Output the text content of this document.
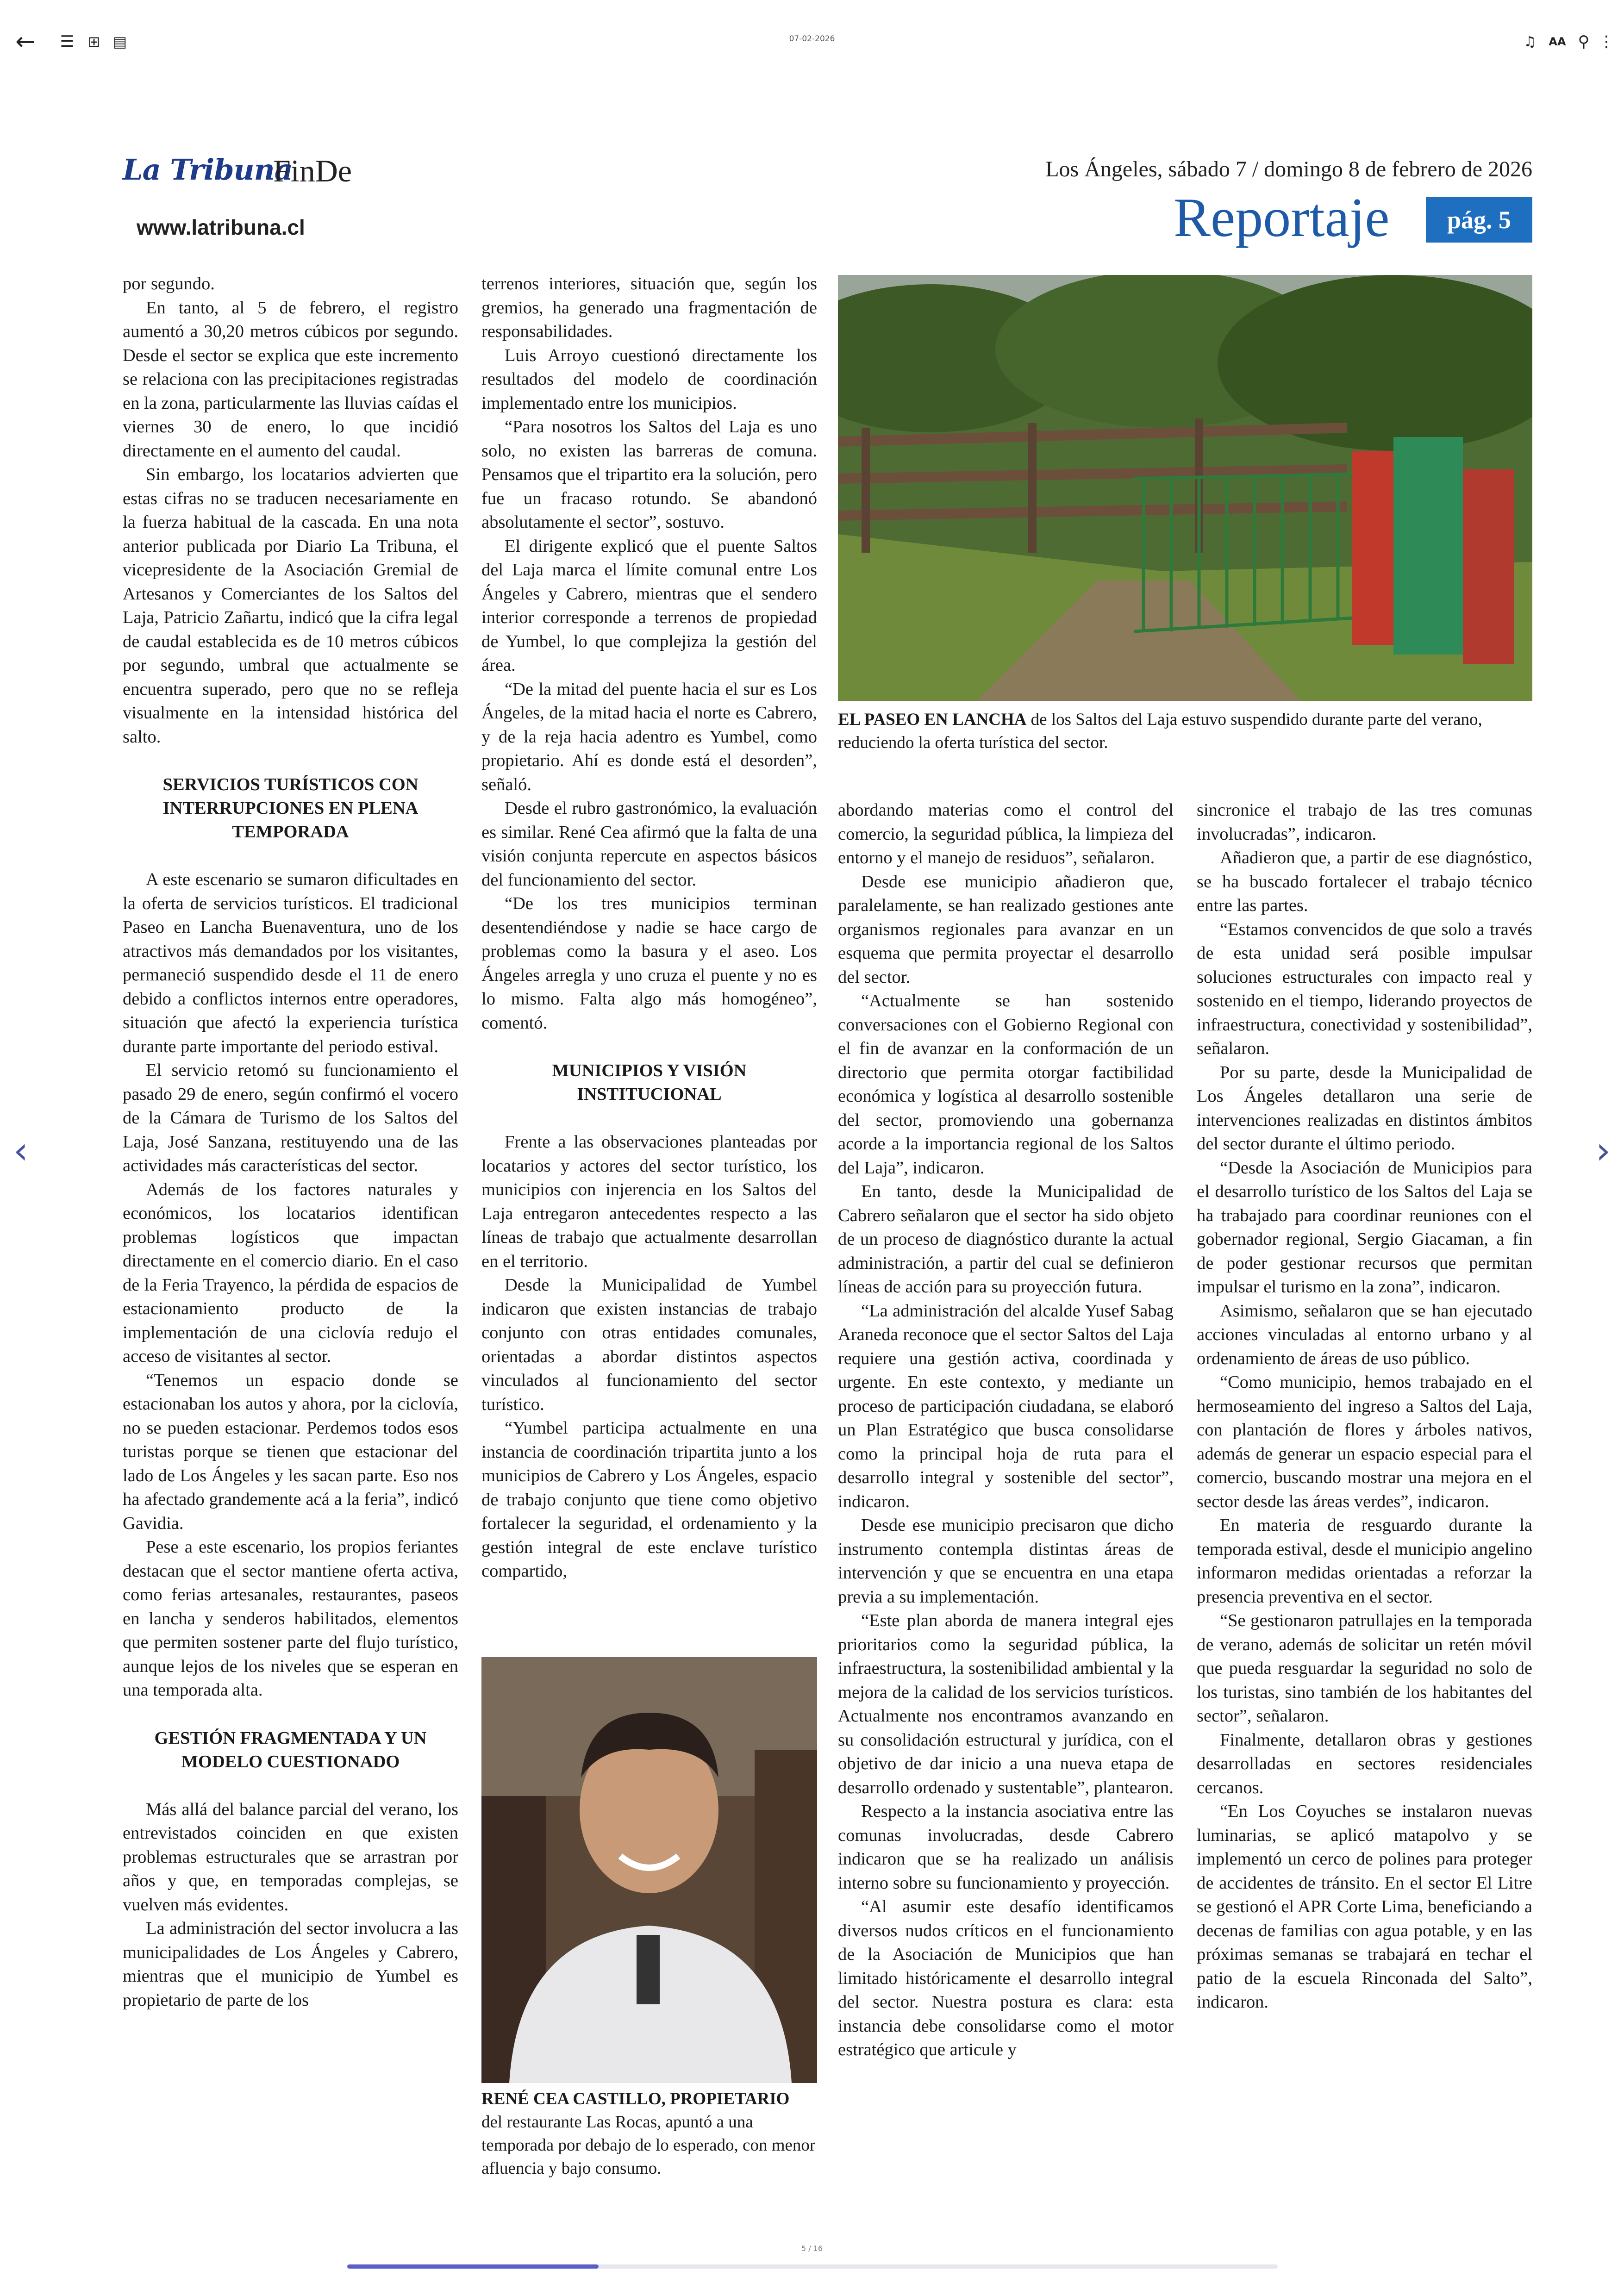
←	☰ ⊞ ▤	07-02-2026	♫	AA ⚲ ⋮
‹	›
La Tribuna
FinDe	Los Ángeles, sábado 7 / domingo 8 de febrero de 2026
www.latribuna.cl	Reportaje	pág. 5

por segundo.

En tanto, al 5 de febrero, el registro aumentó a 30,20 metros cúbicos por segundo. Desde el sector se explica que este incremento se relaciona con las precipitaciones registradas en la zona, particularmente las lluvias caídas el viernes 30 de enero, lo que incidió directamente en el aumento del caudal.

Sin embargo, los locatarios advierten que estas cifras no se traducen necesariamente en la fuerza habitual de la cascada. En una nota anterior publicada por Diario La Tribuna, el vicepresidente de la Asociación Gremial de Artesanos y Comerciantes de los Saltos del Laja, Patricio Zañartu, indicó que la cifra legal de caudal establecida es de 10 metros cúbicos por segundo, umbral que actualmente se encuentra superado, pero que no se refleja visualmente en la intensidad histórica del salto.

SERVICIOS TURÍSTICOS CON INTERRUPCIONES EN PLENA TEMPORADA

A este escenario se sumaron dificultades en la oferta de servicios turísticos. El tradicional Paseo en Lancha Buenaventura, uno de los atractivos más demandados por los visitantes, permaneció suspendido desde el 11 de enero debido a conflictos internos entre operadores, situación que afectó la experiencia turística durante parte importante del periodo estival.

El servicio retomó su funcionamiento el pasado 29 de enero, según confirmó el vocero de la Cámara de Turismo de los Saltos del Laja, José Sanzana, restituyendo una de las actividades más características del sector.

Además de los factores naturales y económicos, los locatarios identifican problemas logísticos que impactan directamente en el comercio diario. En el caso de la Feria Trayenco, la pérdida de espacios de estacionamiento producto de la implementación de una ciclovía redujo el acceso de visitantes al sector.

“Tenemos un espacio donde se estacionaban los autos y ahora, por la ciclovía, no se pueden estacionar. Perdemos todos esos turistas porque se tienen que estacionar del lado de Los Ángeles y les sacan parte. Eso nos ha afectado grandemente acá a la feria”, indicó Gavidia.

Pese a este escenario, los propios feriantes destacan que el sector mantiene oferta activa, como ferias artesanales, restaurantes, paseos en lancha y senderos habilitados, elementos que permiten sostener parte del flujo turístico, aunque lejos de los niveles que se esperan en una temporada alta.

GESTIÓN FRAGMENTADA Y UN MODELO CUESTIONADO

Más allá del balance parcial del verano, los entrevistados coinciden en que existen problemas estructurales que se arrastran por años y que, en temporadas complejas, se vuelven más evidentes.

La administración del sector involucra a las municipalidades de Los Ángeles y Cabrero, mientras que el municipio de Yumbel es propietario de parte de los

terrenos interiores, situación que, según los gremios, ha generado una fragmentación de responsabilidades.

Luis Arroyo cuestionó directamente los resultados del modelo de coordinación implementado entre los municipios.

“Para nosotros los Saltos del Laja es uno solo, no existen las barreras de comuna. Pensamos que el tripartito era la solución, pero fue un fracaso rotundo. Se abandonó absolutamente el sector”, sostuvo.

El dirigente explicó que el puente Saltos del Laja marca el límite comunal entre Los Ángeles y Cabrero, mientras que el sendero interior corresponde a terrenos de propiedad de Yumbel, lo que complejiza la gestión del área.

“De la mitad del puente hacia el sur es Los Ángeles, de la mitad hacia el norte es Cabrero, y de la reja hacia adentro es Yumbel, como propietario. Ahí es donde está el desorden”, señaló.

Desde el rubro gastronómico, la evaluación es similar. René Cea afirmó que la falta de una visión conjunta repercute en aspectos básicos del funcionamiento del sector.

“De los tres municipios terminan desentendiéndose y nadie se hace cargo de problemas como la basura y el aseo. Los Ángeles arregla y uno cruza el puente y no es lo mismo. Falta algo más homogéneo”, comentó.

MUNICIPIOS Y VISIÓN INSTITUCIONAL

Frente a las observaciones planteadas por locatarios y actores del sector turístico, los municipios con injerencia en los Saltos del Laja entregaron antecedentes respecto a las líneas de trabajo que actualmente desarrollan en el territorio.

Desde la Municipalidad de Yumbel indicaron que existen instancias de trabajo conjunto con otras entidades comunales, orientadas a abordar distintos aspectos vinculados al funcionamiento del sector turístico.

“Yumbel participa actualmente en una instancia de coordinación tripartita junto a los municipios de Cabrero y Los Ángeles, espacio de trabajo conjunto que tiene como objetivo fortalecer la seguridad, el ordenamiento y la gestión integral de este enclave turístico compartido,

EL PASEO EN LANCHA de los Saltos del Laja estuvo suspendido durante parte del verano, reduciendo la oferta turística del sector.

abordando materias como el control del comercio, la seguridad pública, la limpieza del entorno y el manejo de residuos”, señalaron.

Desde ese municipio añadieron que, paralelamente, se han realizado gestiones ante organismos regionales para avanzar en un esquema que permita proyectar el desarrollo del sector.

“Actualmente se han sostenido conversaciones con el Gobierno Regional con el fin de avanzar en la conformación de un directorio que permita otorgar factibilidad económica y logística al desarrollo sostenible del sector, promoviendo una gobernanza acorde a la importancia regional de los Saltos del Laja”, indicaron.

En tanto, desde la Municipalidad de Cabrero señalaron que el sector ha sido objeto de un proceso de diagnóstico durante la actual administración, a partir del cual se definieron líneas de acción para su proyección futura.

“La administración del alcalde Yusef Sabag Araneda reconoce que el sector Saltos del Laja requiere una gestión activa, coordinada y urgente. En este contexto, y mediante un proceso de participación ciudadana, se elaboró un Plan Estratégico que busca consolidarse como la principal hoja de ruta para el desarrollo integral y sostenible del sector”, indicaron.

Desde ese municipio precisaron que dicho instrumento contempla distintas áreas de intervención y que se encuentra en una etapa previa a su implementación.

“Este plan aborda de manera integral ejes prioritarios como la seguridad pública, la infraestructura, la sostenibilidad ambiental y la mejora de la calidad de los servicios turísticos. Actualmente nos encontramos avanzando en su consolidación estructural y jurídica, con el objetivo de dar inicio a una nueva etapa de desarrollo ordenado y sustentable”, plantearon.

Respecto a la instancia asociativa entre las comunas involucradas, desde Cabrero indicaron que se ha realizado un análisis interno sobre su funcionamiento y proyección.

“Al asumir este desafío identificamos diversos nudos críticos en el funcionamiento de la Asociación de Municipios que han limitado históricamente el desarrollo integral del sector. Nuestra postura es clara: esta instancia debe consolidarse como el motor estratégico que articule y

sincronice el trabajo de las tres comunas involucradas”, indicaron.

Añadieron que, a partir de ese diagnóstico, se ha buscado fortalecer el trabajo técnico entre las partes.

“Estamos convencidos de que solo a través de esta unidad será posible impulsar soluciones estructurales con impacto real y sostenido en el tiempo, liderando proyectos de infraestructura, conectividad y sostenibilidad”, señalaron.

Por su parte, desde la Municipalidad de Los Ángeles detallaron una serie de intervenciones realizadas en distintos ámbitos del sector durante el último periodo.

“Desde la Asociación de Municipios para el desarrollo turístico de los Saltos del Laja se ha trabajado para coordinar reuniones con el gobernador regional, Sergio Giacaman, a fin de poder gestionar recursos que permitan impulsar el turismo en la zona”, indicaron.

Asimismo, señalaron que se han ejecutado acciones vinculadas al entorno urbano y al ordenamiento de áreas de uso público.

“Como municipio, hemos trabajado en el hermoseamiento del ingreso a Saltos del Laja, con plantación de flores y árboles nativos, además de generar un espacio especial para el comercio, buscando mostrar una mejora en el sector desde las áreas verdes”, indicaron.

En materia de resguardo durante la temporada estival, desde el municipio angelino informaron medidas orientadas a reforzar la presencia preventiva en el sector.

“Se gestionaron patrullajes en la temporada de verano, además de solicitar un retén móvil que pueda resguardar la seguridad no solo de los turistas, sino también de los habitantes del sector”, señalaron.

Finalmente, detallaron obras y gestiones desarrolladas en sectores residenciales cercanos.

“En Los Coyuches se instalaron nuevas luminarias, se aplicó matapolvo y se implementó un cerco de polines para proteger de accidentes de tránsito. En el sector El Litre se gestionó el APR Corte Lima, beneficiando a decenas de familias con agua potable, y en las próximas semanas se trabajará en techar el patio de la escuela Rinconada del Salto”, indicaron.

RENÉ CEA CASTILLO, PROPIETARIO
del restaurante Las Rocas, apuntó a una temporada por debajo de lo esperado, con menor afluencia y bajo consumo.
5 / 16
